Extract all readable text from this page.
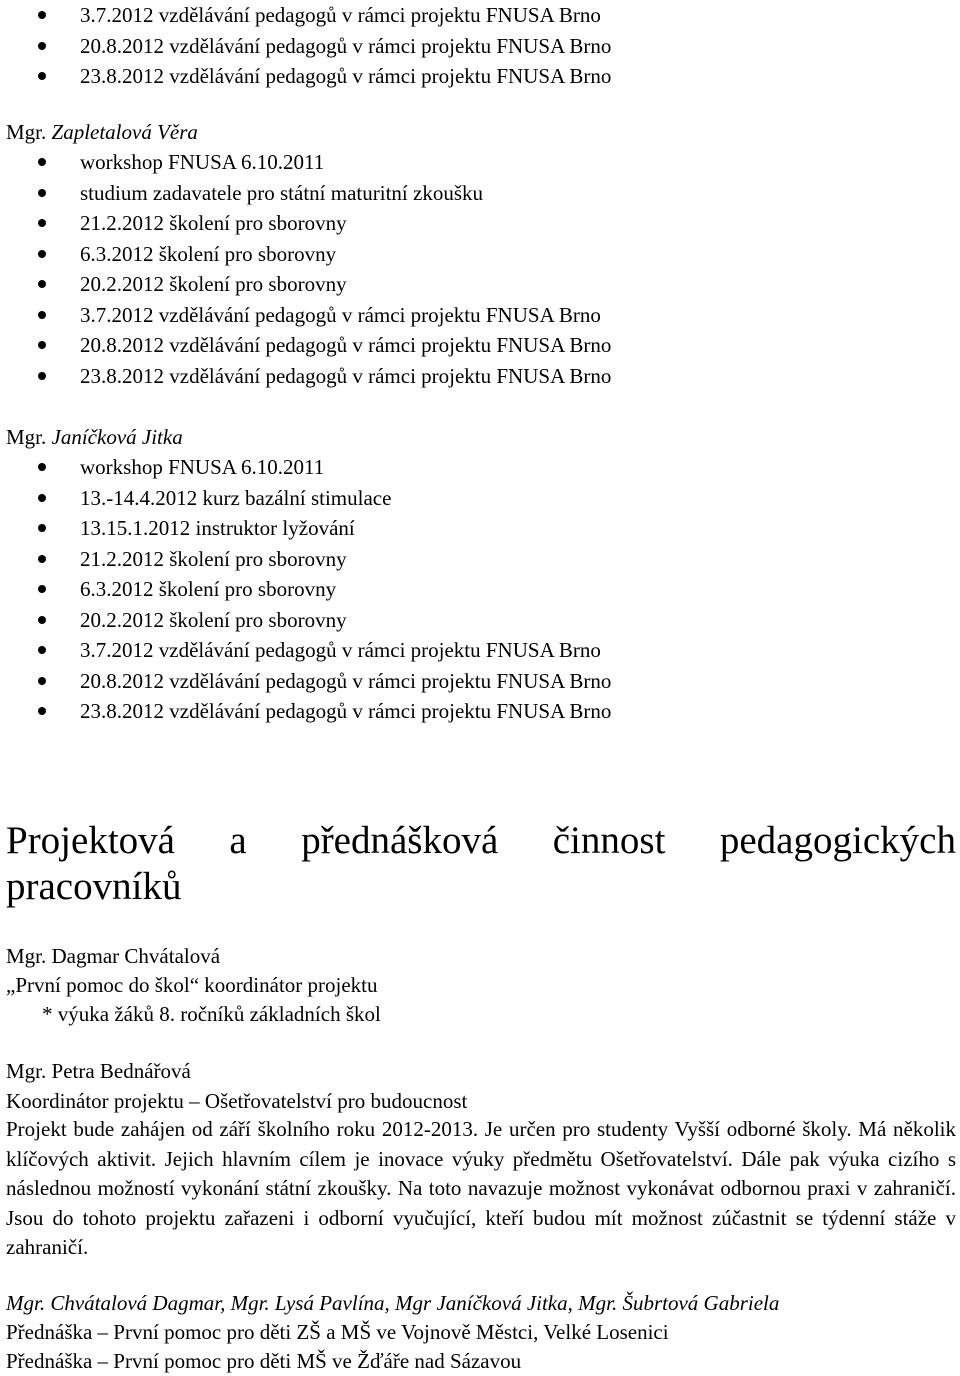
3.7.2012 vzdělávání pedagogů v rámci projektu FNUSA Brno
20.8.2012 vzdělávání pedagogů v rámci projektu FNUSA Brno
23.8.2012 vzdělávání pedagogů v rámci projektu FNUSA Brno
Mgr. Zapletalová Věra
workshop FNUSA 6.10.2011
studium zadavatele pro státní maturitní zkoušku
21.2.2012 školení pro sborovny
6.3.2012 školení pro sborovny
20.2.2012 školení pro sborovny
3.7.2012 vzdělávání pedagogů v rámci projektu FNUSA Brno
20.8.2012 vzdělávání pedagogů v rámci projektu FNUSA Brno
23.8.2012 vzdělávání pedagogů v rámci projektu FNUSA Brno
Mgr. Janíčková Jitka
workshop FNUSA 6.10.2011
13.-14.4.2012 kurz bazální stimulace
13.15.1.2012 instruktor lyžování
21.2.2012 školení pro sborovny
6.3.2012 školení pro sborovny
20.2.2012 školení pro sborovny
3.7.2012 vzdělávání pedagogů v rámci projektu FNUSA Brno
20.8.2012 vzdělávání pedagogů v rámci projektu FNUSA Brno
23.8.2012 vzdělávání pedagogů v rámci projektu FNUSA Brno
Projektová a přednášková činnost pedagogických
pracovníků
Mgr. Dagmar Chvátalová
„První pomoc do škol“ koordinátor projektu
* výuka žáků 8. ročníků základních škol
Mgr. Petra Bednářová
Koordinátor projektu – Ošetřovatelství pro budoucnost
Projekt bude zahájen od září školního roku 2012-2013. Je určen pro studenty Vyšší odborné školy. Má několik klíčových aktivit. Jejich hlavním cílem je inovace výuky předmětu Ošetřovatelství. Dále pak výuka cizího s následnou možností vykonání státní zkoušky. Na toto navazuje možnost vykonávat odbornou praxi v zahraničí. Jsou do tohoto projektu zařazeni i odborní vyučující, kteří budou mít možnost zúčastnit se týdenní stáže v zahraničí.
Mgr. Chvátalová Dagmar, Mgr. Lysá Pavlína, Mgr Janíčková Jitka, Mgr. Šubrtová Gabriela
Přednáška – První pomoc pro děti ZŠ a MŠ ve Vojnově Městci, Velké Losenici
Přednáška – První pomoc pro děti MŠ ve Žďáře nad Sázavou
